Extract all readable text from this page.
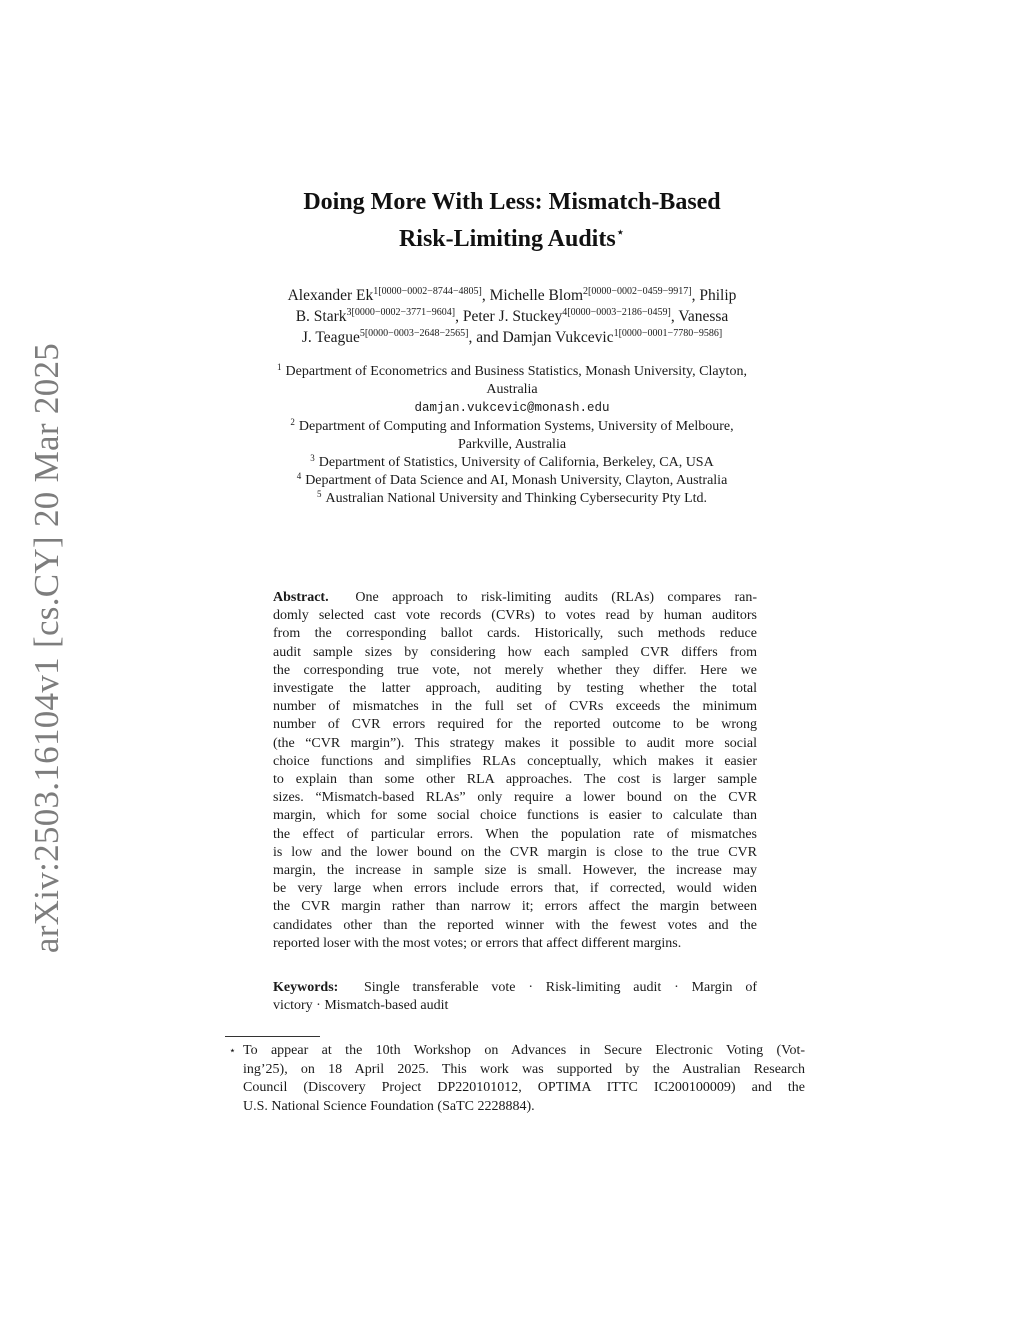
arXiv:2503.16104v1 [cs.CY] 20 Mar 2025
Doing More With Less: Mismatch-Based
Risk-Limiting Audits⋆
Alexander $Ek^{1[0000-0002-8744-4805]}$, Michelle Blom$^{2[0000-0002-0459-9917]}$, Philip
B. Stark$^{3[0000-0002-3771-9604]}$, Peter J. Stuckey$^{4[0000-0003-2186-0459]}$, Vanessa
J. Teague$^{5[0000-0003-2648-2565]}$, and Damjan Vukcevic$^{1[0000-0001-7780-9586]}$
$^1$ Department of Econometrics and Business Statistics, Monash University, Clayton,
Australia
damjan.vukcevic@monash.edu
$^2$ Department of Computing and Information Systems, University of Melboure,
Parkville, Australia
$^3$ Department of Statistics, University of California, Berkeley, CA, USA
$^4$ Department of Data Science and AI, Monash University, Clayton, Australia
$^5$ Australian National University and Thinking Cybersecurity Pty Ltd.
Abstract. One approach to risk-limiting audits (RLAs) compares ran-
domly selected cast vote records (CVRs) to votes read by human auditors
from the corresponding ballot cards. Historically, such methods reduce
audit sample sizes by considering how each sampled CVR differs from
the corresponding true vote, not merely whether they differ. Here we
investigate the latter approach, auditing by testing whether the total
number of mismatches in the full set of CVRs exceeds the minimum
number of CVR errors required for the reported outcome to be wrong
(the “CVR margin”). This strategy makes it possible to audit more social
choice functions and simplifies RLAs conceptually, which makes it easier
to explain than some other RLA approaches. The cost is larger sample
sizes. “Mismatch-based RLAs” only require a lower bound on the CVR
margin, which for some social choice functions is easier to calculate than
the effect of particular errors. When the population rate of mismatches
is low and the lower bound on the CVR margin is close to the true CVR
margin, the increase in sample size is small. However, the increase may
be very large when errors include errors that, if corrected, would widen
the CVR margin rather than narrow it; errors affect the margin between
candidates other than the reported winner with the fewest votes and the
reported loser with the most votes; or errors that affect different margins.
Keywords: Single transferable vote · Risk-limiting audit · Margin of
victory · Mismatch-based audit
⋆ To appear at the 10th Workshop on Advances in Secure Electronic Voting (Vot-
ing’25), on 18 April 2025. This work was supported by the Australian Research
Council (Discovery Project DP220101012, OPTIMA ITTC IC200100009) and the
U.S. National Science Foundation (SaTC 2228884).
